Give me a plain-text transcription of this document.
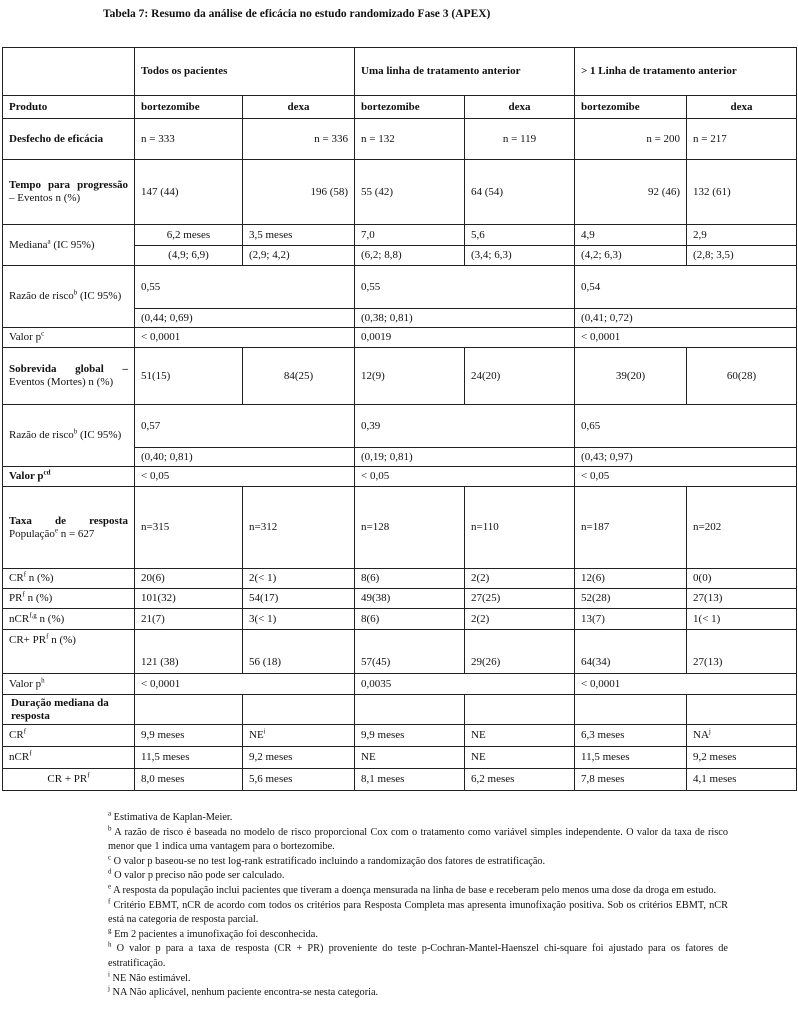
Tabela 7: Resumo da análise de eficácia no estudo randomizado Fase 3 (APEX)
	Todos os pacientes		Uma linha de tratamento anterior		> 1 Linha de tratamento anterior	
Produto	bortezomibe	dexa	bortezomibe	dexa	bortezomibe	dexa
Desfecho de eficácia	n = 333	n = 336	n = 132	n = 119	n = 200	n = 217

Tempo para progressão
– Eventos n (%)	147 (44)	196 (58)	55 (42)	64 (54)	92 (46)	132 (61)
Mediana$^a$ (IC 95%)	6,2 meses	3,5 meses	7,0	5,6	4,9	2,9
	(4,9; 6,9)	(2,9; 4,2)	(6,2; 8,8)	(3,4; 6,3)	(4,2; 6,3)	(2,8; 3,5)
Razão de risco$^b$ (IC 95%)	0,55		0,55		0,54	
	(0,44; 0,69)		(0,38; 0,81)		(0,41; 0,72)	
Valor $p^c$	< 0,0001		0,0019		< 0,0001	

Sobrevida global –
Eventos (Mortes) n (%)	51(15)	84(25)	12(9)	24(20)	39(20)	60(28)
Razão de risco$^b$ (IC 95%)	0,57		0,39		0,65	
	(0,40; 0,81)		(0,19; 0,81)		(0,43; 0,97)	
Valor $p^{cd}$	< 0,05		< 0,05		< 0,05	

Taxa de resposta
População$^e$ n = 627	n=315	n=312	n=128	n=110	n=187	n=202
$CR^f$ n (%)	20(6)	2(< 1)	8(6)	2(2)	12(6)	0(0)
$PR^f$ n (%)	101(32)	54(17)	49(38)	27(25)	52(28)	27(13)
nCR$^{f,g}$ n (%)	21(7)	3(< 1)	8(6)	2(2)	13(7)	1(< 1)
$CR+ PR^f$ n (%)	121 (38)	56 (18)	57(45)	29(26)	64(34)	27(13)
Valor $p^h$	< 0,0001		0,0035		< 0,0001	
Duração mediana da resposta						
$CR^f$	9,9 meses	$NE^i$	9,9 meses	NE	6,3 meses	$NA^j$
nCR$^f$	11,5 meses	9,2 meses	NE	NE	11,5 meses	9,2 meses
CR + $PR^f$	8,0 meses	5,6 meses	8,1 meses	6,2 meses	7,8 meses	4,1 meses

$^a$ Estimativa de Kaplan-Meier.

$^b$ A razão de risco é baseada no modelo de risco proporcional Cox com o tratamento como variável simples independente. O valor da taxa de risco menor que 1 indica uma vantagem para o bortezomibe.

$^c$ O valor p baseou-se no test log-rank estratificado incluindo a randomização dos fatores de estratificação.

$^d$ O valor p preciso não pode ser calculado.

$^e$ A resposta da população inclui pacientes que tiveram a doença mensurada na linha de base e receberam pelo menos uma dose da droga em estudo.

$^f$ Critério EBMT, nCR de acordo com todos os critérios para Resposta Completa mas apresenta imunofixação positiva. Sob os critérios EBMT, nCR está na categoria de resposta parcial.

$^g$ Em 2 pacientes a imunofixação foi desconhecida.

$^h$ O valor p para a taxa de resposta (CR + PR) proveniente do teste p-Cochran-Mantel-Haenszel chi-square foi ajustado para os fatores de estratificação.

$^i$ NE Não estimável.

$^j$ NA Não aplicável, nenhum paciente encontra-se nesta categoria.
